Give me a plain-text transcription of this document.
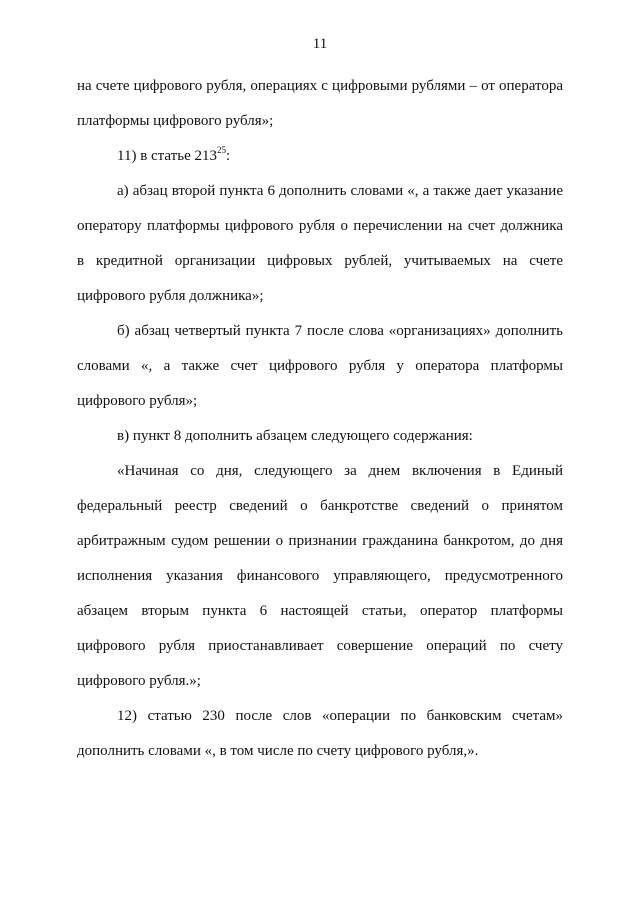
11
на счете цифрового рубля, операциях с цифровыми рублями – от оператора
платформы цифрового рубля»;
11) в статье $213^{25}$:
а) абзац второй пункта 6 дополнить словами «, а также дает указание
оператору платформы цифрового рубля о перечислении на счет должника
в кредитной организации цифровых рублей, учитываемых на счете
цифрового рубля должника»;
б) абзац четвертый пункта 7 после слова «организациях» дополнить
словами «, а также счет цифрового рубля у оператора платформы
цифрового рубля»;
в) пункт 8 дополнить абзацем следующего содержания:
«Начиная со дня, следующего за днем включения в Единый
федеральный реестр сведений о банкротстве сведений о принятом
арбитражным судом решении о признании гражданина банкротом, до дня
исполнения указания финансового управляющего, предусмотренного
абзацем вторым пункта 6 настоящей статьи, оператор платформы
цифрового рубля приостанавливает совершение операций по счету
цифрового рубля.»;
12) статью 230 после слов «операции по банковским счетам»
дополнить словами «, в том числе по счету цифрового рубля,».
